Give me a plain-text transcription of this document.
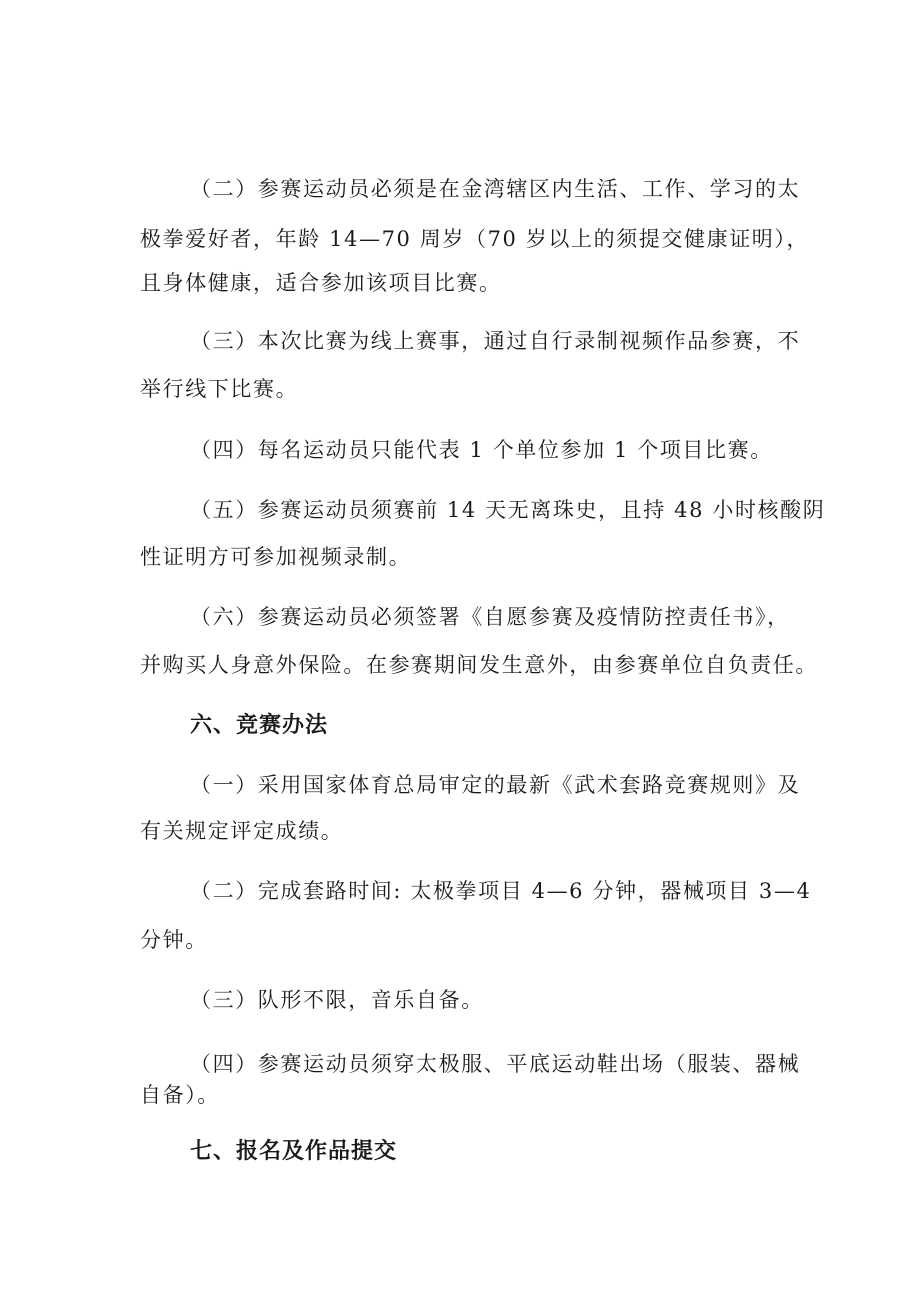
（二）参赛运动员必须是在金湾辖区内生活、工作、学习的太
极拳爱好者，年龄 14—70 周岁（70 岁以上的须提交健康证明），
且身体健康，适合参加该项目比赛。
（三）本次比赛为线上赛事，通过自行录制视频作品参赛，不
举行线下比赛。
（四）每名运动员只能代表 1 个单位参加 1 个项目比赛。
（五）参赛运动员须赛前 14 天无离珠史，且持 48 小时核酸阴
性证明方可参加视频录制。
（六）参赛运动员必须签署《自愿参赛及疫情防控责任书》，
并购买人身意外保险。在参赛期间发生意外，由参赛单位自负责任。
六、竞赛办法
（一）采用国家体育总局审定的最新《武术套路竞赛规则》及
有关规定评定成绩。
（二）完成套路时间: 太极拳项目 4—6 分钟，器械项目 3—4
分钟。
（三）队形不限，音乐自备。
（四）参赛运动员须穿太极服、平底运动鞋出场（服装、器械
自备）。
七、报名及作品提交
